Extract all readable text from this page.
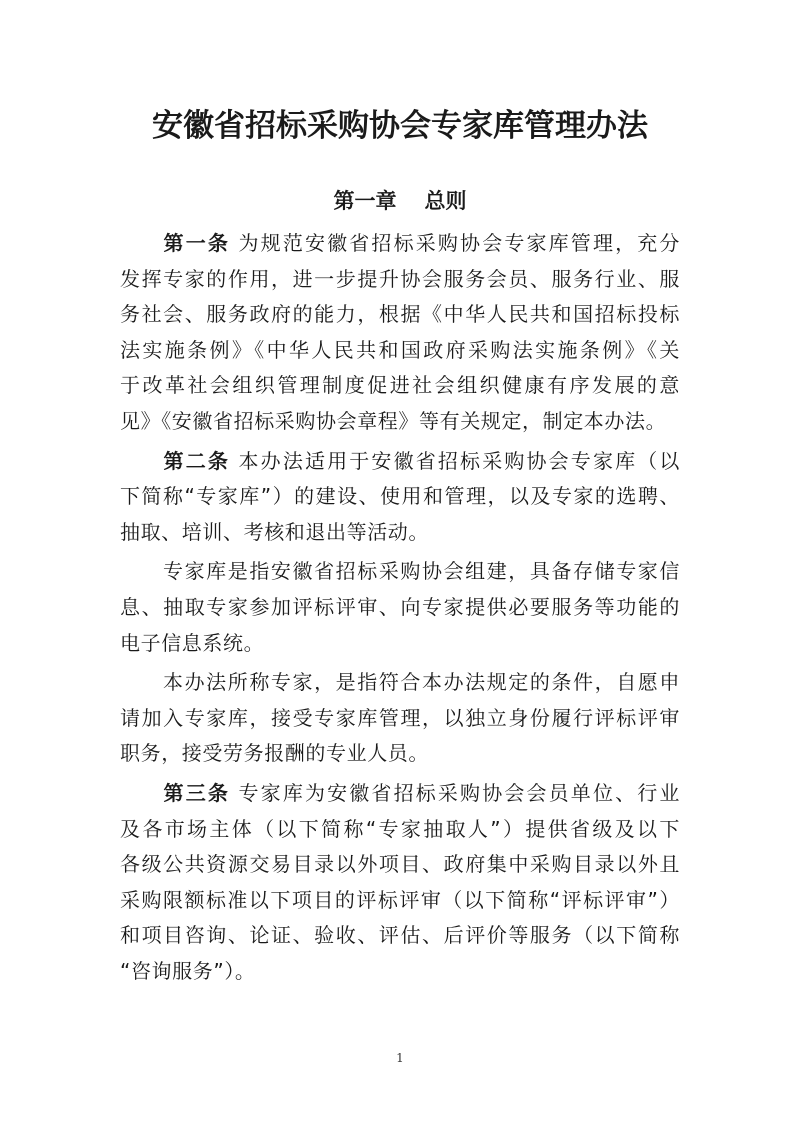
安徽省招标采购协会专家库管理办法
第一章 总则
第一条 为规范安徽省招标采购协会专家库管理，充分
发挥专家的作用，进一步提升协会服务会员、服务行业、服
务社会、服务政府的能力，根据《中华人民共和国招标投标
法实施条例》《中华人民共和国政府采购法实施条例》《关
于改革社会组织管理制度促进社会组织健康有序发展的意
见》《安徽省招标采购协会章程》等有关规定，制定本办法。
第二条 本办法适用于安徽省招标采购协会专家库（以
下简称“专家库”）的建设、使用和管理，以及专家的选聘、
抽取、培训、考核和退出等活动。
专家库是指安徽省招标采购协会组建，具备存储专家信
息、抽取专家参加评标评审、向专家提供必要服务等功能的
电子信息系统。
本办法所称专家，是指符合本办法规定的条件，自愿申
请加入专家库，接受专家库管理，以独立身份履行评标评审
职务，接受劳务报酬的专业人员。
第三条 专家库为安徽省招标采购协会会员单位、行业
及各市场主体（以下简称“专家抽取人”）提供省级及以下
各级公共资源交易目录以外项目、政府集中采购目录以外且
采购限额标准以下项目的评标评审（以下简称“评标评审”）
和项目咨询、论证、验收、评估、后评价等服务（以下简称
“咨询服务”）。
1
